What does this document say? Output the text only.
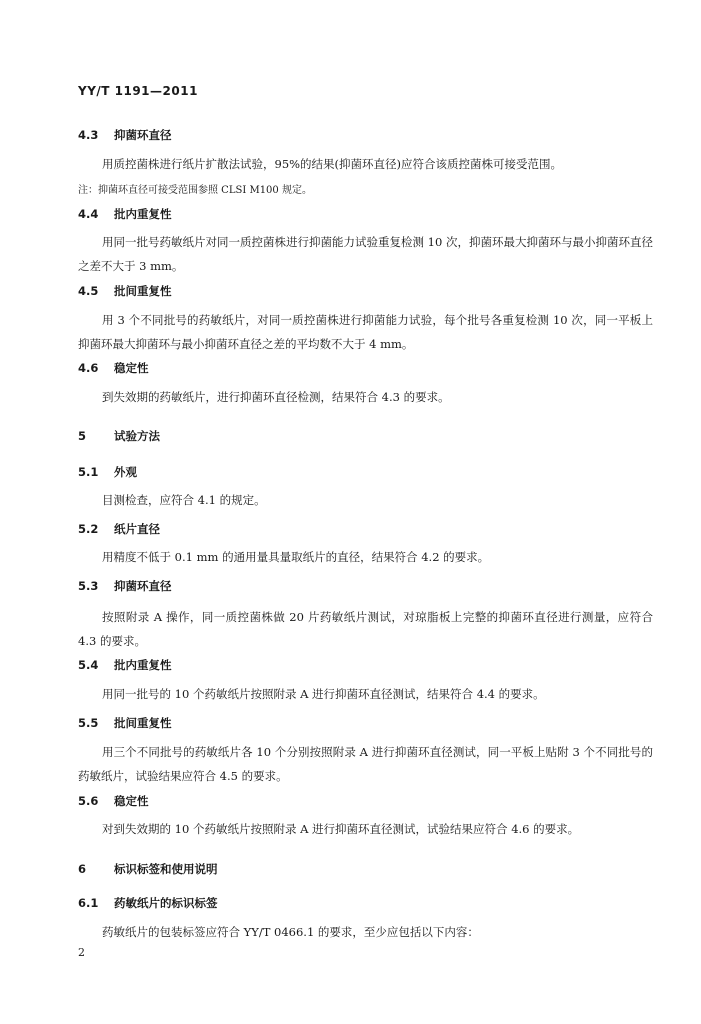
YY/T 1191—2011
4.3 抑菌环直径
用质控菌株进行纸片扩散法试验，95%的结果(抑菌环直径)应符合该质控菌株可接受范围。
注：抑菌环直径可接受范围参照 CLSI M100 规定。
4.4 批内重复性
用同一批号药敏纸片对同一质控菌株进行抑菌能力试验重复检测 10 次，抑菌环最大抑菌环与最小抑菌环直径之差不大于 3 mm。
4.5 批间重复性
用 3 个不同批号的药敏纸片，对同一质控菌株进行抑菌能力试验，每个批号各重复检测 10 次，同一平板上抑菌环最大抑菌环与最小抑菌环直径之差的平均数不大于 4 mm。
4.6 稳定性
到失效期的药敏纸片，进行抑菌环直径检测，结果符合 4.3 的要求。
5 试验方法
5.1 外观
目测检查，应符合 4.1 的规定。
5.2 纸片直径
用精度不低于 0.1 mm 的通用量具量取纸片的直径，结果符合 4.2 的要求。
5.3 抑菌环直径
按照附录 A 操作，同一质控菌株做 20 片药敏纸片测试，对琼脂板上完整的抑菌环直径进行测量，应符合 4.3 的要求。
5.4 批内重复性
用同一批号的 10 个药敏纸片按照附录 A 进行抑菌环直径测试，结果符合 4.4 的要求。
5.5 批间重复性
用三个不同批号的药敏纸片各 10 个分别按照附录 A 进行抑菌环直径测试，同一平板上贴附 3 个不同批号的药敏纸片，试验结果应符合 4.5 的要求。
5.6 稳定性
对到失效期的 10 个药敏纸片按照附录 A 进行抑菌环直径测试，试验结果应符合 4.6 的要求。
6 标识标签和使用说明
6.1 药敏纸片的标识标签
药敏纸片的包装标签应符合 YY/T 0466.1 的要求，至少应包括以下内容：
2
